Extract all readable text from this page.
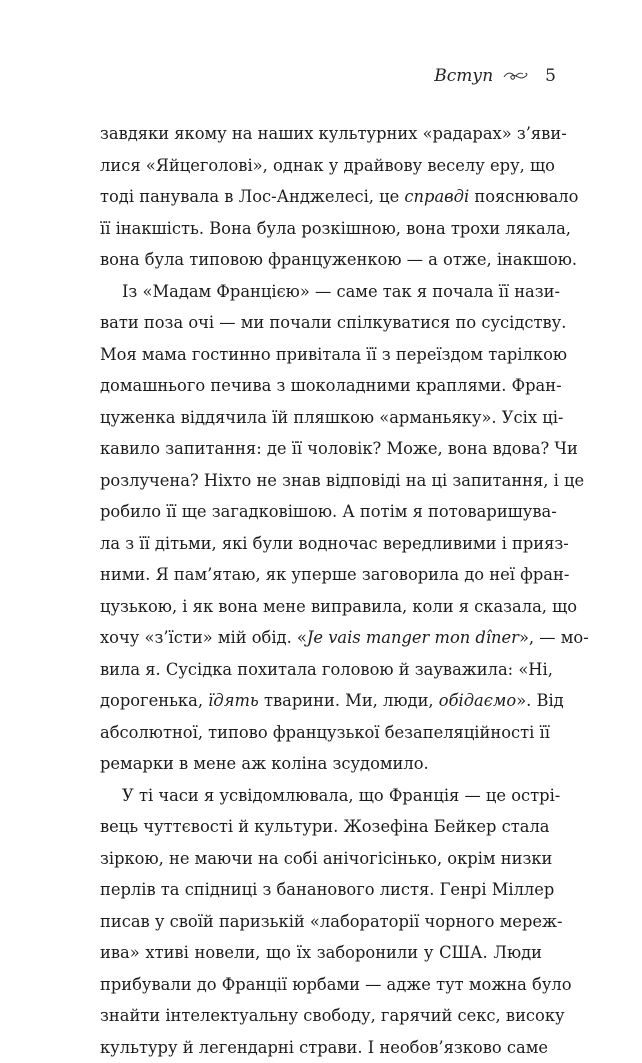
Вступ	5
завдяки якому на наших культурних «радарах» з’яви-
лися «Яйцеголові», однак у драйвову веселу еру, що
тоді панувала в Лос-Анджелесі, це справді пояснювало
її інакшість. Вона була розкішною, вона трохи лякала,
вона була типовою француженкою — а отже, інакшою.
Із «Мадам Францією» — саме так я почала її нази-
вати поза очі — ми почали спілкуватися по сусідству.
Моя мама гостинно привітала її з переїздом тарілкою
домашнього печива з шоколадними краплями. Фран-
цуженка віддячила їй пляшкою «арманьяку». Усіх ці-
кавило запитання: де її чоловік? Може, вона вдова? Чи
розлучена? Ніхто не знав відповіді на ці запитання, і це
робило її ще загадковішою. А потім я потоваришува-
ла з її дітьми, які були водночас вередливими і прияз-
ними. Я пам’ятаю, як уперше заговорила до неї фран-
цузькою, і як вона мене виправила, коли я сказала, що
хочу «з’їсти» мій обід. «Je vais manger mon dîner», — мо-
вила я. Сусідка похитала головою й зауважила: «Ні,
дорогенька, їдять тварини. Ми, люди, обідаємо». Від
абсолютної, типово французької безапеляційності її
ремарки в мене аж коліна зсудомило.
У ті часи я усвідомлювала, що Франція — це острі-
вець чуттєвості й культури. Жозефіна Бейкер стала
зіркою, не маючи на собі анічогісінько, окрім низки
перлів та спідниці з бананового листя. Генрі Міллер
писав у своїй паризькій «лабораторії чорного мереж-
ива» хтиві новели, що їх заборонили у США. Люди
прибували до Франції юрбами — адже тут можна було
знайти інтелектуальну свободу, гарячий секс, високу
культуру й легендарні страви. І необов’язково саме
